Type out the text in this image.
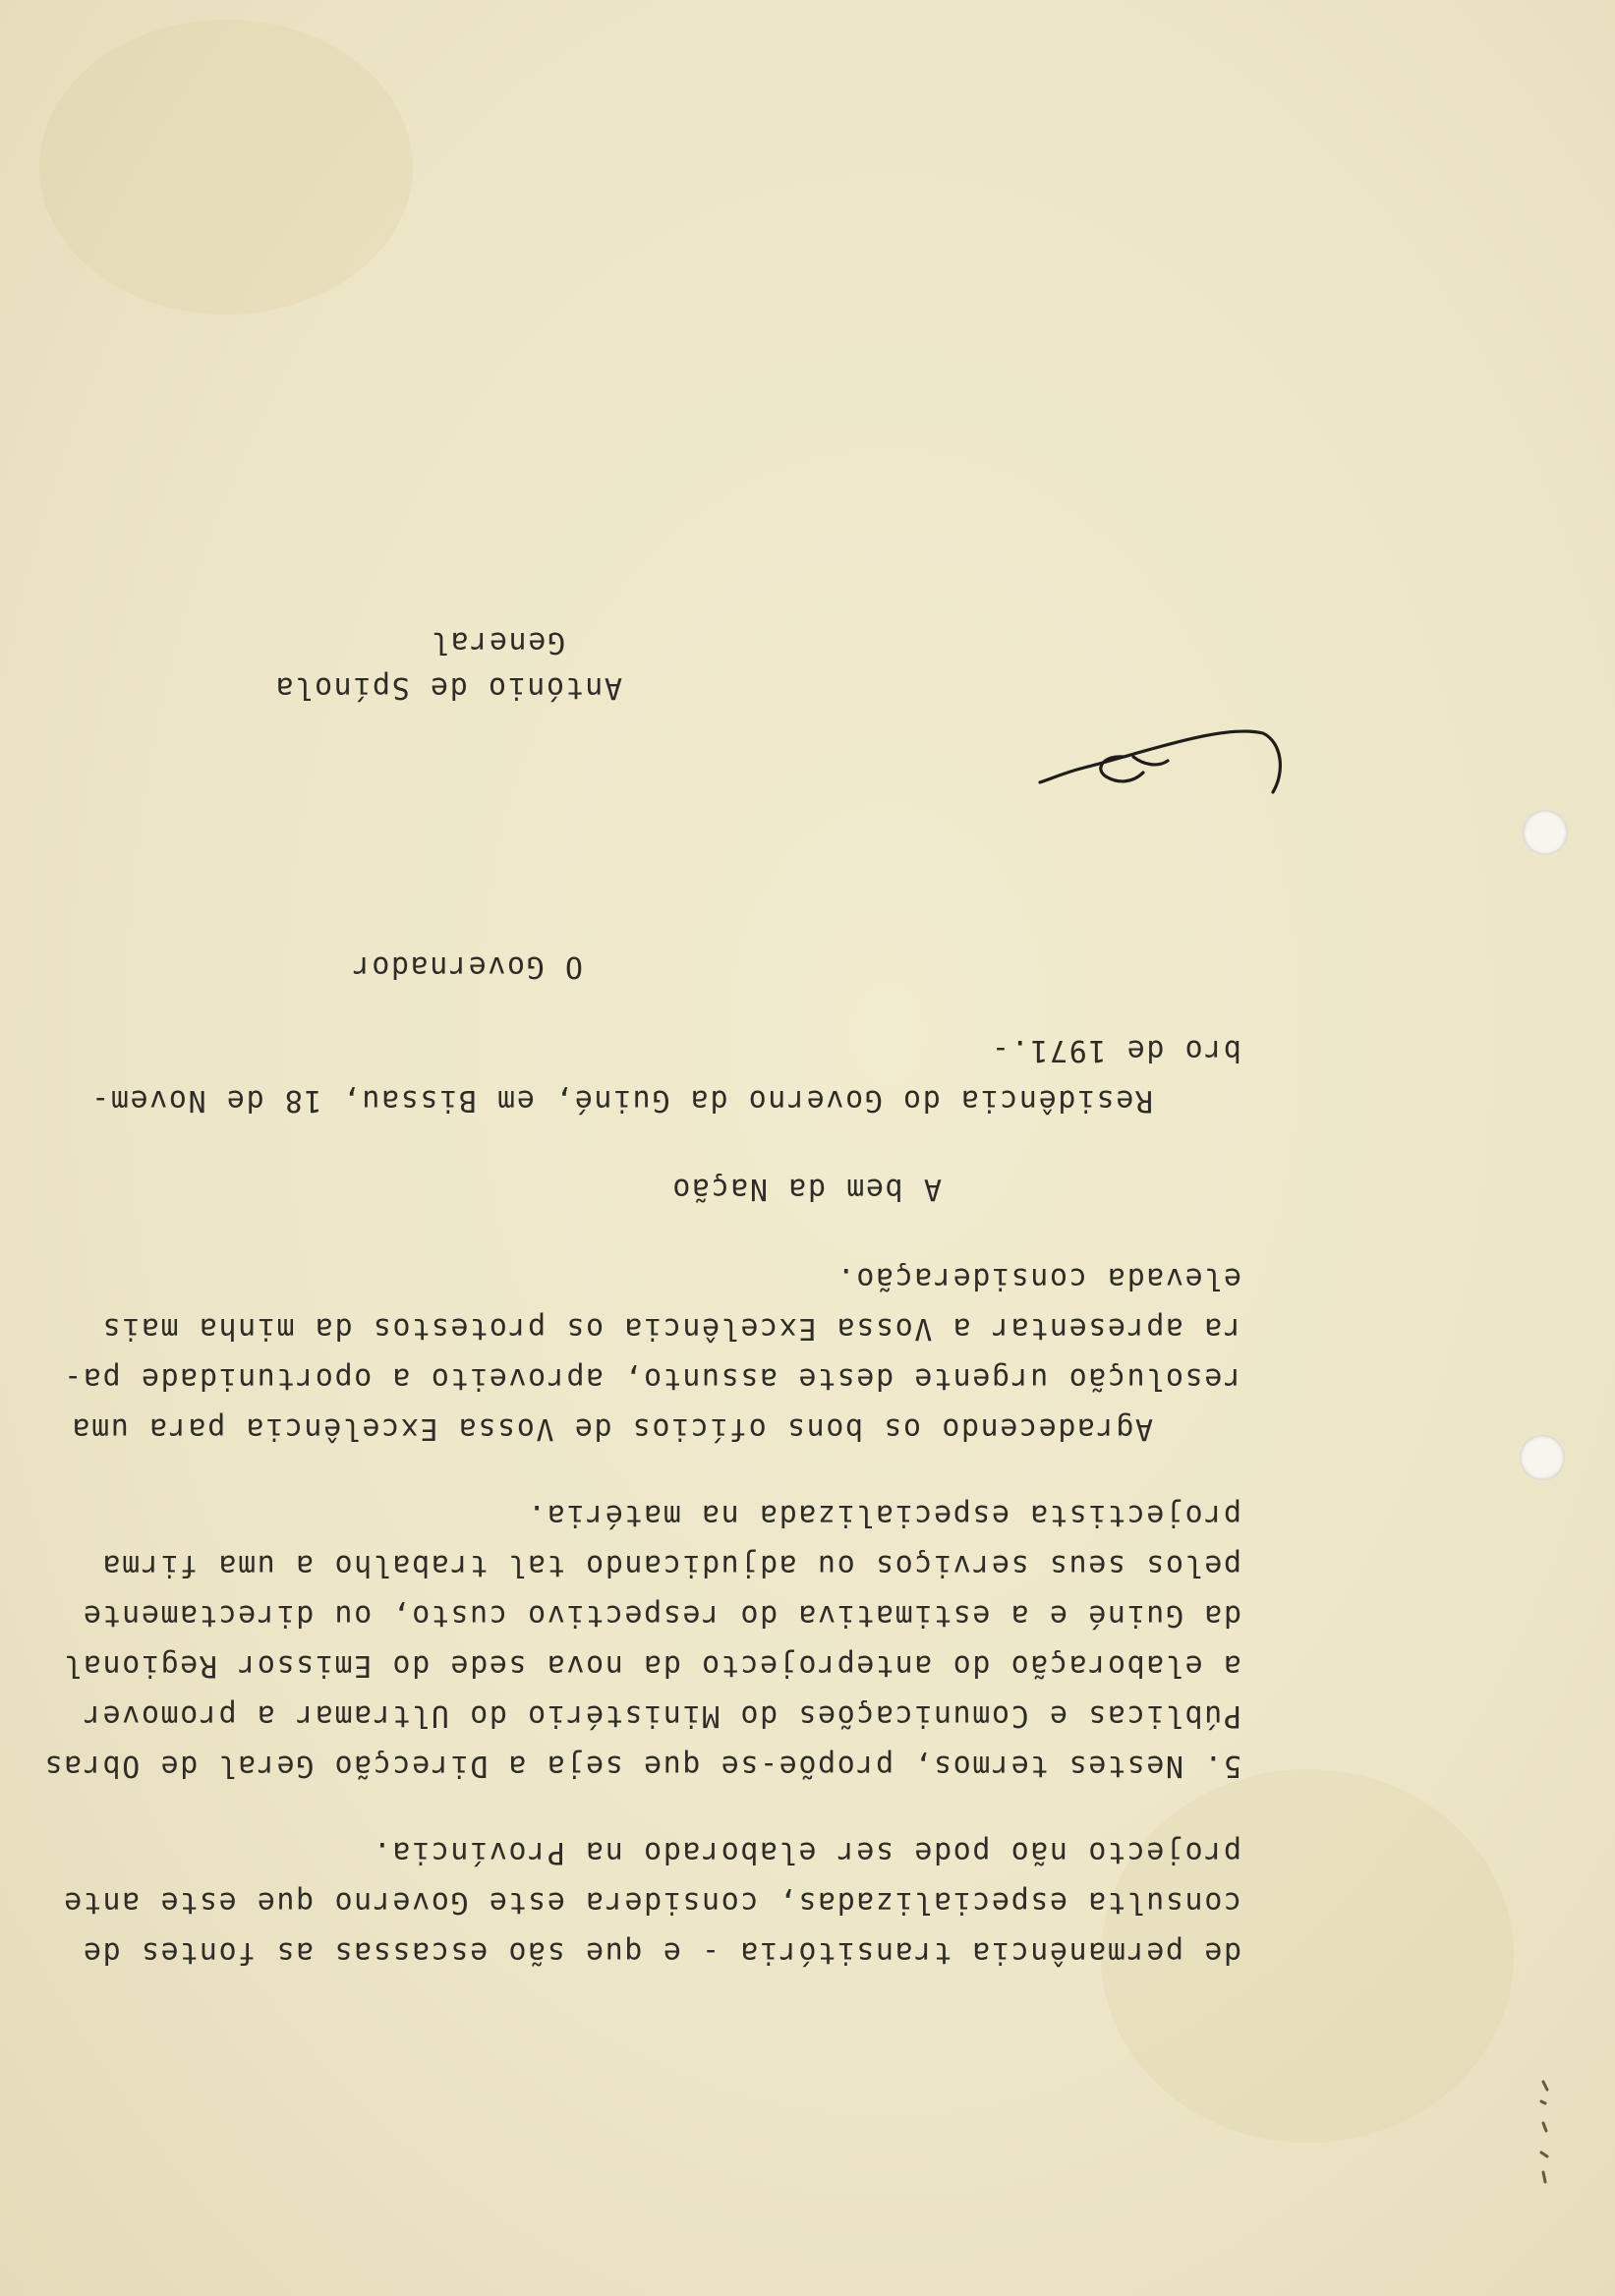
de permanência transitória - e que são escassas as fontes de
consulta especializadas, considera este Governo que este ante
projecto não pode ser elaborado na Província.
5. Nestes termos, propõe-se que seja a Direcção Geral de Obras
Públicas e Comunicações do Ministério do Ultramar a promover
a elaboração do anteprojecto da nova sede do Emissor Regional
da Guiné e a estimativa do respectivo custo, ou directamente
pelos seus serviços ou adjudicando tal trabalho a uma firma
projectista especializada na matéria.
Agradecendo os bons ofícios de Vossa Excelência para uma
resolução urgente deste assunto, aproveito a oportunidade pa-
ra apresentar a Vossa Excelência os protestos da minha mais
elevada consideração.
A bem da Nação
Residência do Governo da Guiné, em Bissau, 18 de Novem-
bro de 1971.-
O Governador
António de Spínola
General
